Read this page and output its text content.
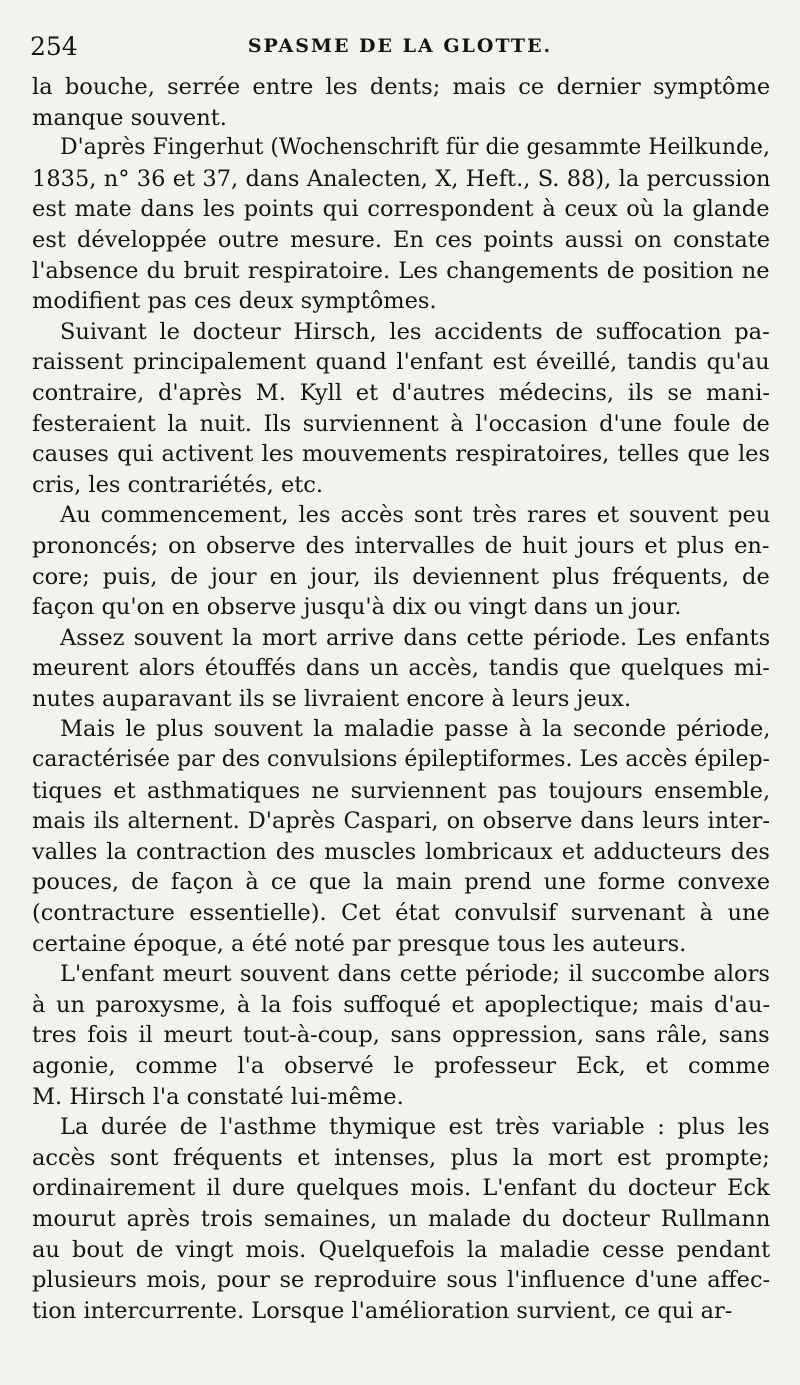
254	SPASME DE LA GLOTTE.
la bouche, serrée entre les dents; mais ce dernier symptôme
manque souvent.
D'après Fingerhut (Wochenschrift für die gesammte Heilkunde,
1835, n° 36 et 37, dans Analecten, X, Heft., S. 88), la percussion
est mate dans les points qui correspondent à ceux où la glande
est développée outre mesure. En ces points aussi on constate
l'absence du bruit respiratoire. Les changements de position ne
modifient pas ces deux symptômes.
Suivant le docteur Hirsch, les accidents de suffocation pa-
raissent principalement quand l'enfant est éveillé, tandis qu'au
contraire, d'après M. Kyll et d'autres médecins, ils se mani-
festeraient la nuit. Ils surviennent à l'occasion d'une foule de
causes qui activent les mouvements respiratoires, telles que les
cris, les contrariétés, etc.
Au commencement, les accès sont très rares et souvent peu
prononcés; on observe des intervalles de huit jours et plus en-
core; puis, de jour en jour, ils deviennent plus fréquents, de
façon qu'on en observe jusqu'à dix ou vingt dans un jour.
Assez souvent la mort arrive dans cette période. Les enfants
meurent alors étouffés dans un accès, tandis que quelques mi-
nutes auparavant ils se livraient encore à leurs jeux.
Mais le plus souvent la maladie passe à la seconde période,
caractérisée par des convulsions épileptiformes. Les accès épilep-
tiques et asthmatiques ne surviennent pas toujours ensemble,
mais ils alternent. D'après Caspari, on observe dans leurs inter-
valles la contraction des muscles lombricaux et adducteurs des
pouces, de façon à ce que la main prend une forme convexe
(contracture essentielle). Cet état convulsif survenant à une
certaine époque, a été noté par presque tous les auteurs.
L'enfant meurt souvent dans cette période; il succombe alors
à un paroxysme, à la fois suffoqué et apoplectique; mais d'au-
tres fois il meurt tout-à-coup, sans oppression, sans râle, sans
agonie, comme l'a observé le professeur Eck, et comme
M. Hirsch l'a constaté lui-même.
La durée de l'asthme thymique est très variable : plus les
accès sont fréquents et intenses, plus la mort est prompte;
ordinairement il dure quelques mois. L'enfant du docteur Eck
mourut après trois semaines, un malade du docteur Rullmann
au bout de vingt mois. Quelquefois la maladie cesse pendant
plusieurs mois, pour se reproduire sous l'influence d'une affec-
tion intercurrente. Lorsque l'amélioration survient, ce qui ar-
